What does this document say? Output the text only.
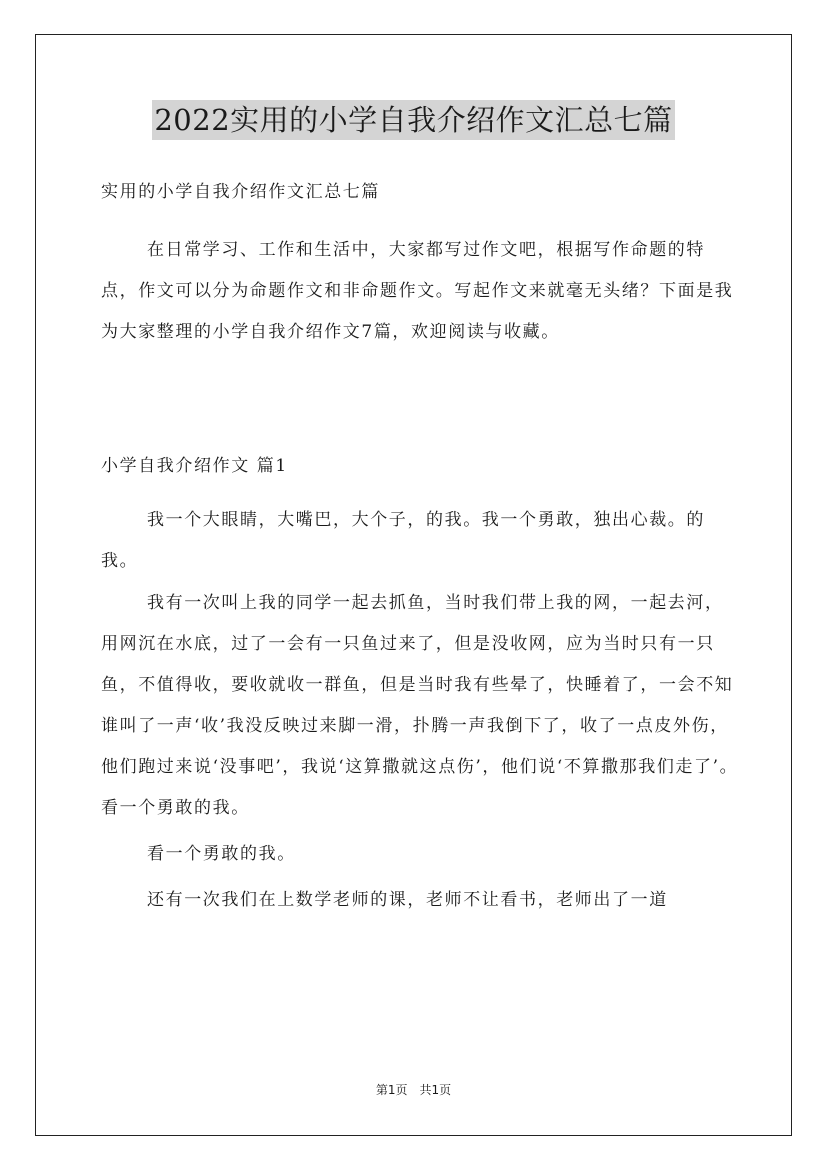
2022实用的小学自我介绍作文汇总七篇
实用的小学自我介绍作文汇总七篇

在日常学习、工作和生活中，大家都写过作文吧，根据写作命题的特点，作文可以分为命题作文和非命题作文。写起作文来就毫无头绪？下面是我为大家整理的小学自我介绍作文7篇，欢迎阅读与收藏。

小学自我介绍作文 篇1

我一个大眼睛，大嘴巴，大个子，的我。我一个勇敢，独出心裁。的我。

我有一次叫上我的同学一起去抓鱼，当时我们带上我的网，一起去河，用网沉在水底，过了一会有一只鱼过来了，但是没收网，应为当时只有一只鱼，不值得收，要收就收一群鱼，但是当时我有些晕了，快睡着了，一会不知谁叫了一声‘收’我没反映过来脚一滑，扑腾一声我倒下了，收了一点皮外伤，他们跑过来说‘没事吧’，我说‘这算撒就这点伤’，他们说‘不算撒那我们走了’。看一个勇敢的我。

看一个勇敢的我。

还有一次我们在上数学老师的课，老师不让看书，老师出了一道

第1页 共1页
